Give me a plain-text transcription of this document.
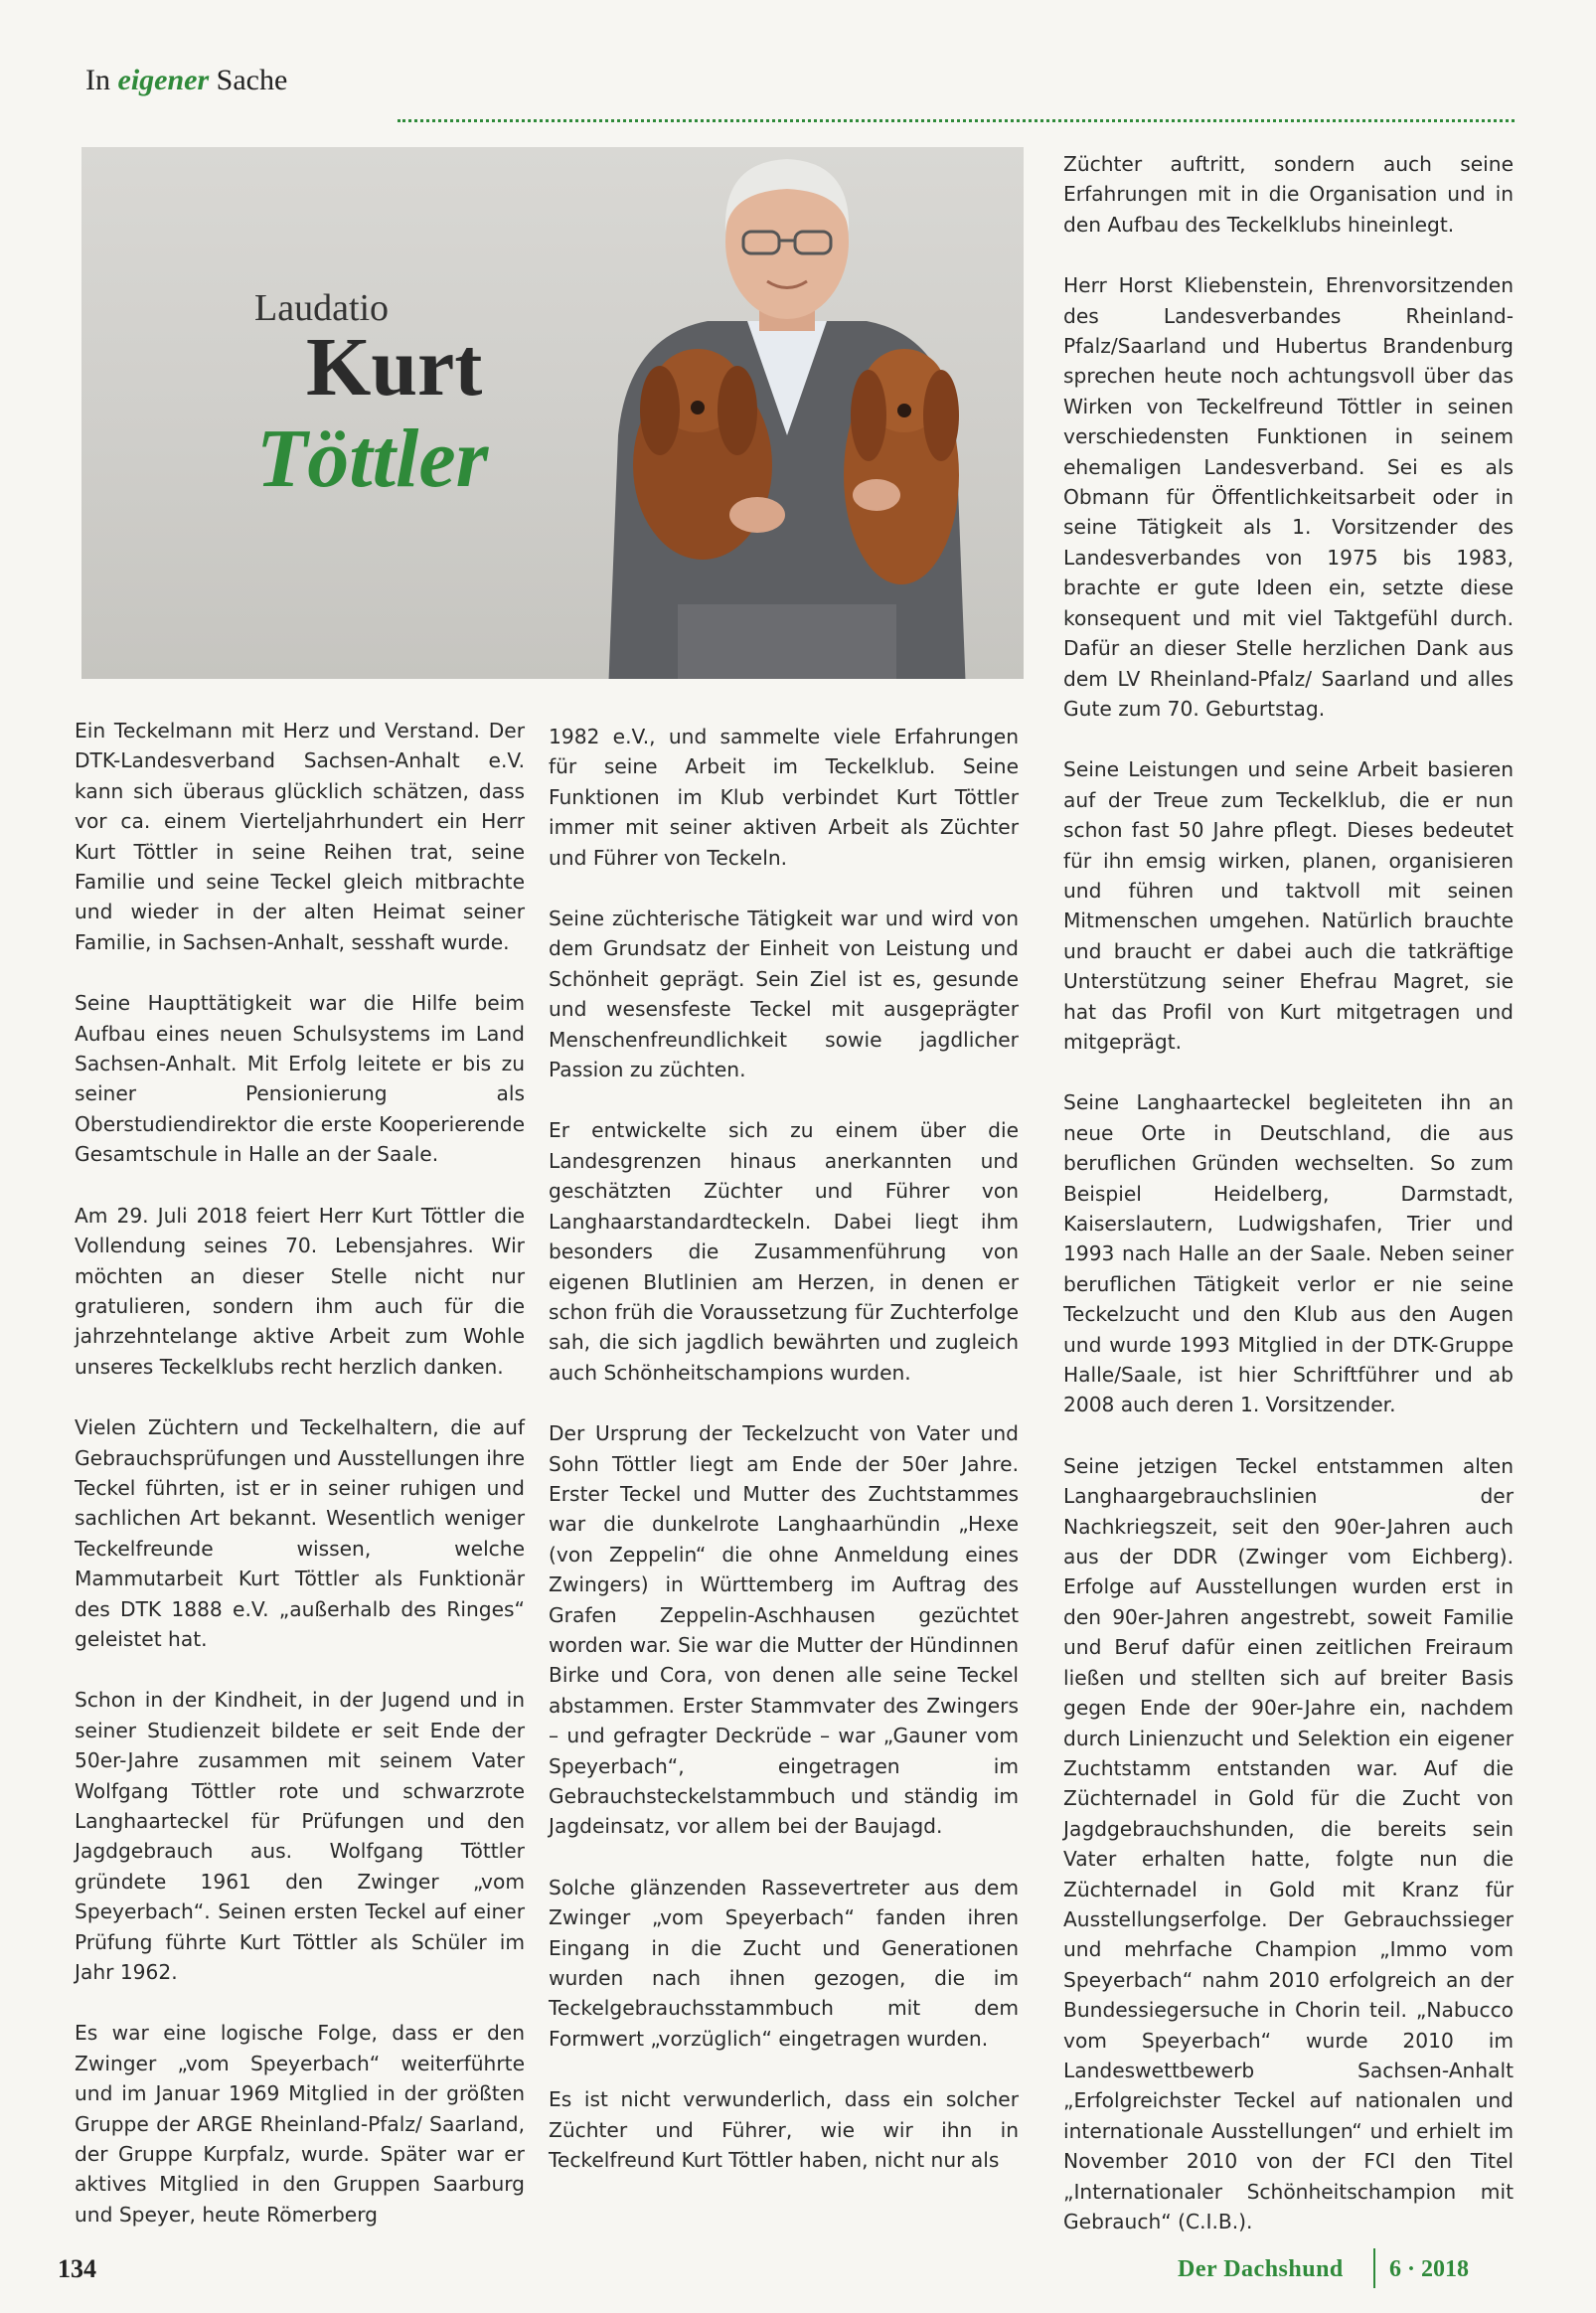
In eigener Sache
Laudatio
Kurt
Töttler

Ein Teckelmann mit Herz und Verstand. Der DTK-Landesverband Sachsen-Anhalt e.V. kann sich überaus glücklich schätzen, dass vor ca. einem Vierteljahrhundert ein Herr Kurt Töttler in seine Reihen trat, seine Familie und seine Teckel gleich mitbrachte und wieder in der alten Heimat seiner Familie, in Sachsen-Anhalt, sesshaft wurde.

Seine Haupttätigkeit war die Hilfe beim Aufbau eines neuen Schulsystems im Land Sachsen-Anhalt. Mit Erfolg leitete er bis zu seiner Pensionierung als Oberstudiendirektor die erste Kooperierende Gesamtschule in Halle an der Saale.

Am 29. Juli 2018 feiert Herr Kurt Töttler die Vollendung seines 70. Lebensjahres. Wir möchten an dieser Stelle nicht nur gratulieren, sondern ihm auch für die jahrzehntelange aktive Arbeit zum Wohle unseres Teckelklubs recht herzlich danken.

Vielen Züchtern und Teckelhaltern, die auf Gebrauchsprüfungen und Ausstellungen ihre Teckel führten, ist er in seiner ruhigen und sachlichen Art bekannt. Wesentlich weniger Teckelfreunde wissen, welche Mammutarbeit Kurt Töttler als Funktionär des DTK 1888 e.V. „außerhalb des Ringes“ geleistet hat.

Schon in der Kindheit, in der Jugend und in seiner Studienzeit bildete er seit Ende der 50er-Jahre zusammen mit seinem Vater Wolfgang Töttler rote und schwarzrote Langhaarteckel für Prüfungen und den Jagdgebrauch aus. Wolfgang Töttler gründete 1961 den Zwinger „vom Speyerbach“. Seinen ersten Teckel auf einer Prüfung führte Kurt Töttler als Schüler im Jahr 1962.

Es war eine logische Folge, dass er den Zwinger „vom Speyerbach“ weiterführte und im Januar 1969 Mitglied in der größten Gruppe der ARGE Rheinland-Pfalz/ Saarland, der Gruppe Kurpfalz, wurde. Später war er aktives Mitglied in den Gruppen Saarburg und Speyer, heute Römerberg

1982 e.V., und sammelte viele Erfahrungen für seine Arbeit im Teckelklub. Seine Funktionen im Klub verbindet Kurt Töttler immer mit seiner aktiven Arbeit als Züchter und Führer von Teckeln.

Seine züchterische Tätigkeit war und wird von dem Grundsatz der Einheit von Leistung und Schönheit geprägt. Sein Ziel ist es, gesunde und wesensfeste Teckel mit ausgeprägter Menschenfreundlichkeit sowie jagdlicher Passion zu züchten.

Er entwickelte sich zu einem über die Landesgrenzen hinaus anerkannten und geschätzten Züchter und Führer von Langhaarstandardteckeln. Dabei liegt ihm besonders die Zusammenführung von eigenen Blutlinien am Herzen, in denen er schon früh die Voraussetzung für Zuchterfolge sah, die sich jagdlich bewährten und zugleich auch Schönheitschampions wurden.

Der Ursprung der Teckelzucht von Vater und Sohn Töttler liegt am Ende der 50er Jahre. Erster Teckel und Mutter des Zuchtstammes war die dunkelrote Langhaarhündin „Hexe (von Zeppelin“ die ohne Anmeldung eines Zwingers) in Württemberg im Auftrag des Grafen Zeppelin-Aschhausen gezüchtet worden war. Sie war die Mutter der Hündinnen Birke und Cora, von denen alle seine Teckel abstammen. Erster Stammvater des Zwingers – und gefragter Deckrüde – war „Gauner vom Speyerbach“, eingetragen im Gebrauchsteckelstammbuch und ständig im Jagdeinsatz, vor allem bei der Baujagd.

Solche glänzenden Rassevertreter aus dem Zwinger „vom Speyerbach“ fanden ihren Eingang in die Zucht und Generationen wurden nach ihnen gezogen, die im Teckelgebrauchsstammbuch mit dem Formwert „vorzüglich“ eingetragen wurden.

Es ist nicht verwunderlich, dass ein solcher Züchter und Führer, wie wir ihn in Teckelfreund Kurt Töttler haben, nicht nur als

Züchter auftritt, sondern auch seine Erfahrungen mit in die Organisation und in den Aufbau des Teckelklubs hineinlegt.

Herr Horst Kliebenstein, Ehrenvorsitzenden des Landesverbandes Rheinland-Pfalz/Saarland und Hubertus Brandenburg sprechen heute noch achtungsvoll über das Wirken von Teckelfreund Töttler in seinen verschiedensten Funktionen in seinem ehemaligen Landesverband. Sei es als Obmann für Öffentlichkeitsarbeit oder in seine Tätigkeit als 1. Vorsitzender des Landesverbandes von 1975 bis 1983, brachte er gute Ideen ein, setzte diese konsequent und mit viel Taktgefühl durch. Dafür an dieser Stelle herzlichen Dank aus dem LV Rheinland-Pfalz/ Saarland und alles Gute zum 70. Geburtstag.

Seine Leistungen und seine Arbeit basieren auf der Treue zum Teckelklub, die er nun schon fast 50 Jahre pflegt. Dieses bedeutet für ihn emsig wirken, planen, organisieren und führen und taktvoll mit seinen Mitmenschen umgehen. Natürlich brauchte und braucht er dabei auch die tatkräftige Unterstützung seiner Ehefrau Magret, sie hat das Profil von Kurt mitgetragen und mitgeprägt.

Seine Langhaarteckel begleiteten ihn an neue Orte in Deutschland, die aus beruflichen Gründen wechselten. So zum Beispiel Heidelberg, Darmstadt, Kaiserslautern, Ludwigshafen, Trier und 1993 nach Halle an der Saale. Neben seiner beruflichen Tätigkeit verlor er nie seine Teckelzucht und den Klub aus den Augen und wurde 1993 Mitglied in der DTK-Gruppe Halle/Saale, ist hier Schriftführer und ab 2008 auch deren 1. Vorsitzender.

Seine jetzigen Teckel entstammen alten Langhaargebrauchslinien der Nachkriegszeit, seit den 90er-Jahren auch aus der DDR (Zwinger vom Eichberg). Erfolge auf Ausstellungen wurden erst in den 90er-Jahren angestrebt, soweit Familie und Beruf dafür einen zeitlichen Freiraum ließen und stellten sich auf breiter Basis gegen Ende der 90er-Jahre ein, nachdem durch Linienzucht und Selektion ein eigener Zuchtstamm entstanden war. Auf die Züchternadel in Gold für die Zucht von Jagdgebrauchshunden, die bereits sein Vater erhalten hatte, folgte nun die Züchternadel in Gold mit Kranz für Ausstellungserfolge. Der Gebrauchssieger und mehrfache Champion „Immo vom Speyerbach“ nahm 2010 erfolgreich an der Bundessiegersuche in Chorin teil. „Nabucco vom Speyerbach“ wurde 2010 im Landeswettbewerb Sachsen-Anhalt „Erfolgreichster Teckel auf nationalen und internationale Ausstellungen“ und erhielt im November 2010 von der FCI den Titel „Internationaler Schönheitschampion mit Gebrauch“ (C.I.B.).

134	Der Dachshund 6 · 2018
